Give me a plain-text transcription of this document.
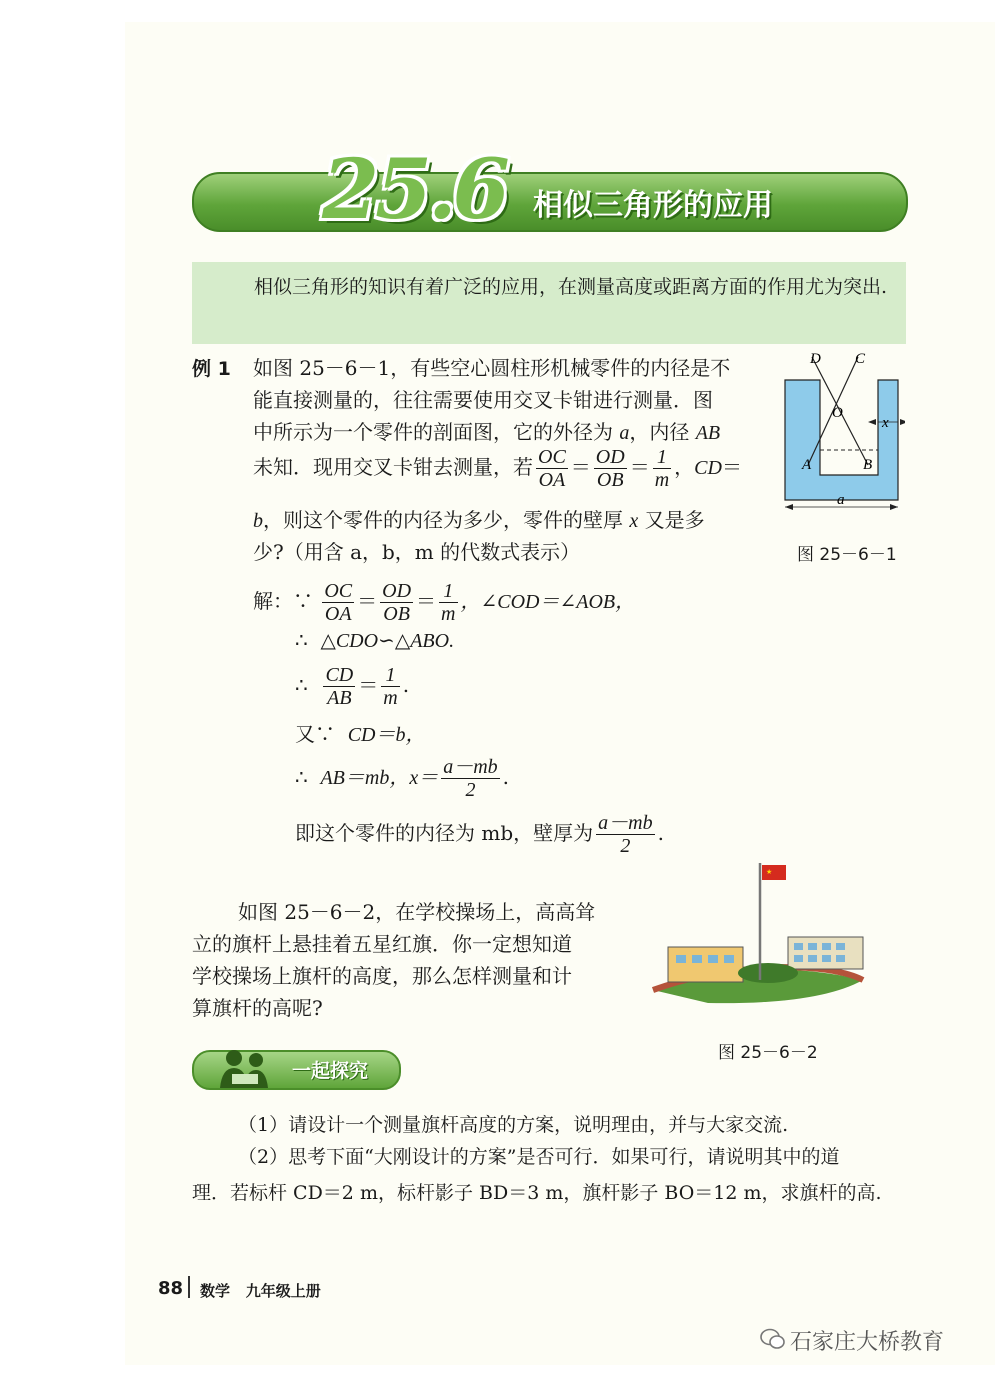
25.6 相似三角形的应用

相似三角形的知识有着广泛的应用，在测量高度或距离方面的作用尤为突出.

例 1 如图 25－6－1，有些空心圆柱形机械零件的内径是不
能直接测量的，往往需要使用交叉卡钳进行测量．图
中所示为一个零件的剖面图，它的外径为 a，内径 AB
未知．现用交叉卡钳去测量，若 $\frac{OC}{OA} = \frac{OD}{OB} = \frac{1}{m}$ ，CD＝
b，则这个零件的内径为多少，零件的壁厚 x 又是多
少?（用含 a，b，m 的代数式表示）
D C
O
A	B
x
a
图 25－6－1
解：∵ $\frac{OC}{OA} = \frac{OD}{OB} = \frac{1}{m}$ ，∠COD＝∠AOB，
∴ △CDO∽△ABO.
∴ $\frac{CD}{AB} = \frac{1}{m}$ .
又∵ CD＝b，
∴ AB＝mb，$x= \frac{a-mb}{2}$ .
即这个零件的内径为 mb，壁厚为 $\frac{a-mb}{2}$ .
如图 25－6－2，在学校操场上，高高耸
立的旗杆上悬挂着五星红旗．你一定想知道
学校操场上旗杆的高度，那么怎样测量和计
算旗杆的高呢?
★
图 25－6－2
一起探究
（1）请设计一个测量旗杆高度的方案，说明理由，并与大家交流.
（2）思考下面“大刚设计的方案”是否可行．如果可行，请说明其中的道
理．若标杆 CD＝2 m，标杆影子 BD＝3 m，旗杆影子 BO＝12 m，求旗杆的高.
88 数学 九年级上册
石家庄大桥教育
